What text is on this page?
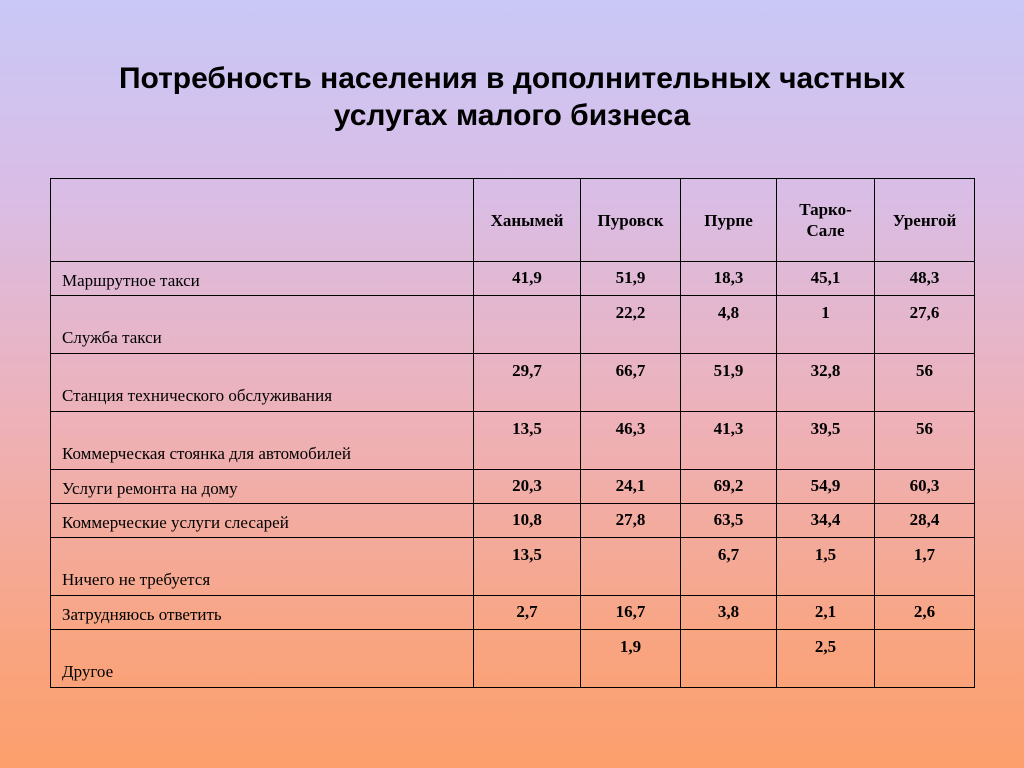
Потребность населения в дополнительных частных
услугах малого бизнеса
	Ханымей	Пуровск	Пурпе	Тарко-
Сале	Уренгой
Маршрутное такси	41,9	51,9	18,3	45,1	48,3
Служба такси		22,2	4,8	1	27,6
Станция технического обслуживания	29,7	66,7	51,9	32,8	56
Коммерческая стоянка для автомобилей	13,5	46,3	41,3	39,5	56
Услуги ремонта на дому	20,3	24,1	69,2	54,9	60,3
Коммерческие услуги слесарей	10,8	27,8	63,5	34,4	28,4
Ничего не требуется	13,5		6,7	1,5	1,7
Затрудняюсь ответить	2,7	16,7	3,8	2,1	2,6
Другое		1,9		2,5	
